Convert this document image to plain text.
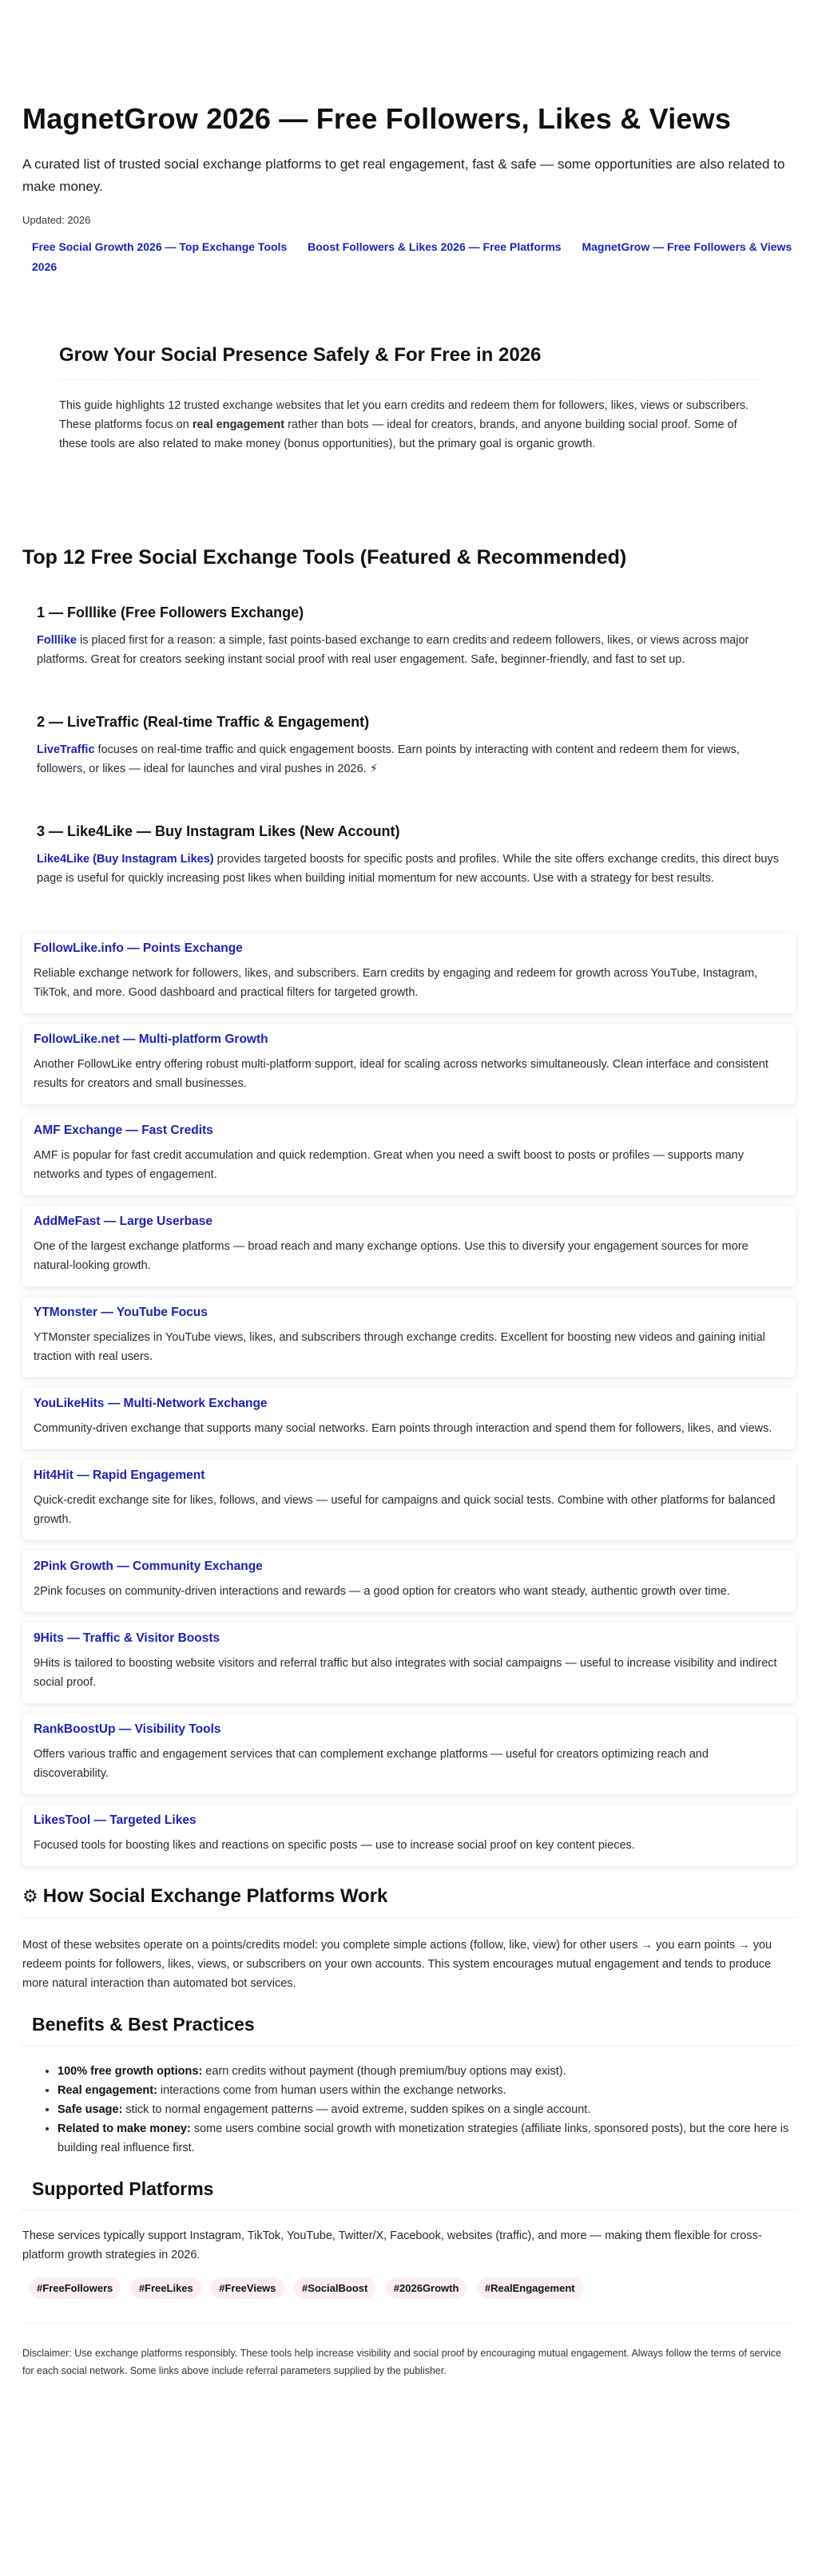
MagnetGrow 2026 — Free Followers, Likes & Views

A curated list of trusted social exchange platforms to get real engagement, fast & safe — some opportunities are also related to make money.

Updated: 2026

Free Social Growth 2026 — Top Exchange Tools Boost Followers & Likes 2026 — Free Platforms MagnetGrow — Free Followers & Views 2026
Grow Your Social Presence Safely & For Free in 2026

This guide highlights 12 trusted exchange websites that let you earn credits and redeem them for followers, likes, views or subscribers. These platforms focus on real engagement rather than bots — ideal for creators, brands, and anyone building social proof. Some of these tools are also related to make money (bonus opportunities), but the primary goal is organic growth.

Top 12 Free Social Exchange Tools (Featured & Recommended)
1 — Folllike (Free Followers Exchange)

Folllike is placed first for a reason: a simple, fast points-based exchange to earn credits and redeem followers, likes, or views across major platforms. Great for creators seeking instant social proof with real user engagement. Safe, beginner-friendly, and fast to set up.

2 — LiveTraffic (Real-time Traffic & Engagement)

LiveTraffic focuses on real-time traffic and quick engagement boosts. Earn points by interacting with content and redeem them for views, followers, or likes — ideal for launches and viral pushes in 2026. ⚡

3 — Like4Like — Buy Instagram Likes (New Account)

Like4Like (Buy Instagram Likes) provides targeted boosts for specific posts and profiles. While the site offers exchange credits, this direct buys page is useful for quickly increasing post likes when building initial momentum for new accounts. Use with a strategy for best results.

FollowLike.info — Points Exchange

Reliable exchange network for followers, likes, and subscribers. Earn credits by engaging and redeem for growth across YouTube, Instagram, TikTok, and more. Good dashboard and practical filters for targeted growth.

FollowLike.net — Multi-platform Growth

Another FollowLike entry offering robust multi-platform support, ideal for scaling across networks simultaneously. Clean interface and consistent results for creators and small businesses.

AMF Exchange — Fast Credits

AMF is popular for fast credit accumulation and quick redemption. Great when you need a swift boost to posts or profiles — supports many networks and types of engagement.

AddMeFast — Large Userbase

One of the largest exchange platforms — broad reach and many exchange options. Use this to diversify your engagement sources for more natural-looking growth.

YTMonster — YouTube Focus

YTMonster specializes in YouTube views, likes, and subscribers through exchange credits. Excellent for boosting new videos and gaining initial traction with real users.

YouLikeHits — Multi-Network Exchange

Community-driven exchange that supports many social networks. Earn points through interaction and spend them for followers, likes, and views.

Hit4Hit — Rapid Engagement

Quick-credit exchange site for likes, follows, and views — useful for campaigns and quick social tests. Combine with other platforms for balanced growth.

2Pink Growth — Community Exchange

2Pink focuses on community-driven interactions and rewards — a good option for creators who want steady, authentic growth over time.

9Hits — Traffic & Visitor Boosts

9Hits is tailored to boosting website visitors and referral traffic but also integrates with social campaigns — useful to increase visibility and indirect social proof.

RankBoostUp — Visibility Tools

Offers various traffic and engagement services that can complement exchange platforms — useful for creators optimizing reach and discoverability.

LikesTool — Targeted Likes

Focused tools for boosting likes and reactions on specific posts — use to increase social proof on key content pieces.

⚙ How Social Exchange Platforms Work

Most of these websites operate on a points/credits model: you complete simple actions (follow, like, view) for other users → you earn points → you redeem points for followers, likes, views, or subscribers on your own accounts. This system encourages mutual engagement and tends to produce more natural interaction than automated bot services.

Benefits & Best Practices
• 100% free growth options: earn credits without payment (though premium/buy options may exist).
• Real engagement: interactions come from human users within the exchange networks.
• Safe usage: stick to normal engagement patterns — avoid extreme, sudden spikes on a single account.
• Related to make money: some users combine social growth with monetization strategies (affiliate links, sponsored posts), but the core here is building real influence first.
Supported Platforms

These services typically support Instagram, TikTok, YouTube, Twitter/X, Facebook, websites (traffic), and more — making them flexible for cross-platform growth strategies in 2026.

#FreeFollowers #FreeLikes #FreeViews #SocialBoost #2026Growth #RealEngagement

Disclaimer: Use exchange platforms responsibly. These tools help increase visibility and social proof by encouraging mutual engagement. Always follow the terms of service for each social network. Some links above include referral parameters supplied by the publisher.
